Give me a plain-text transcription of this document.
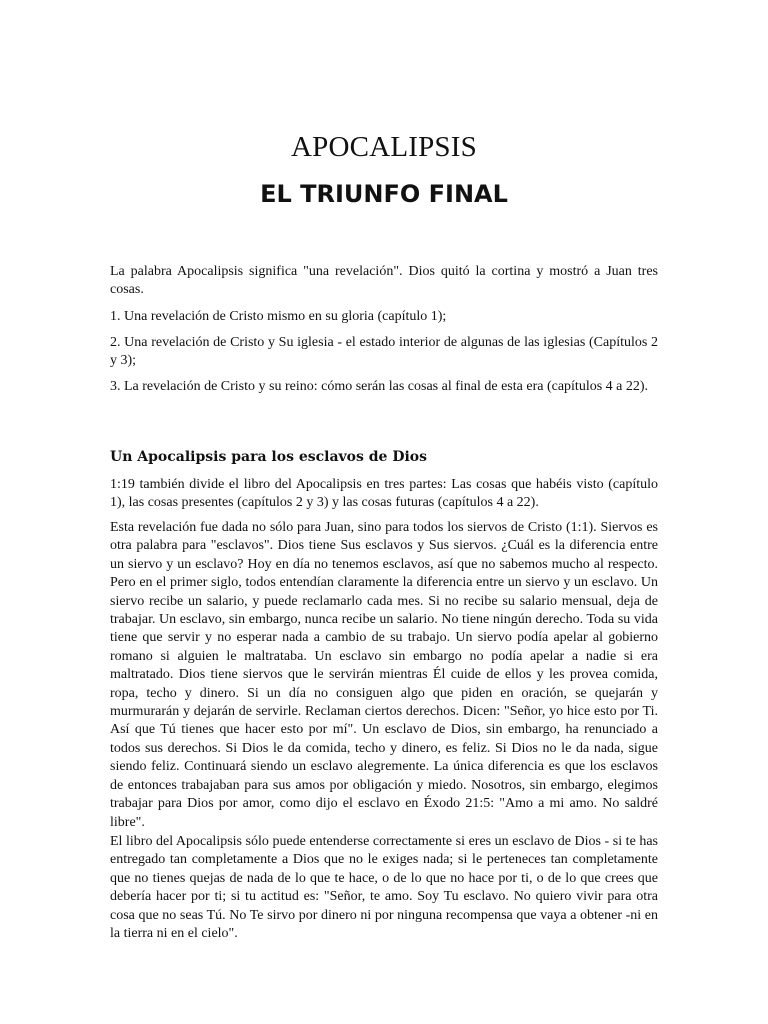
APOCALIPSIS
EL TRIUNFO FINAL

La palabra Apocalipsis significa "una revelación". Dios quitó la cortina y mostró a Juan tres cosas.

1. Una revelación de Cristo mismo en su gloria (capítulo 1);

2. Una revelación de Cristo y Su iglesia - el estado interior de algunas de las iglesias (Capítulos 2 y 3);

3. La revelación de Cristo y su reino: cómo serán las cosas al final de esta era (capítulos 4 a 22).

Un Apocalipsis para los esclavos de Dios

1:19 también divide el libro del Apocalipsis en tres partes: Las cosas que habéis visto (capítulo 1), las cosas presentes (capítulos 2 y 3) y las cosas futuras (capítulos 4 a 22).

Esta revelación fue dada no sólo para Juan, sino para todos los siervos de Cristo (1:1). Siervos es otra palabra para "esclavos". Dios tiene Sus esclavos y Sus siervos. ¿Cuál es la diferencia entre un siervo y un esclavo? Hoy en día no tenemos esclavos, así que no sabemos mucho al respecto. Pero en el primer siglo, todos entendían claramente la diferencia entre un siervo y un esclavo. Un siervo recibe un salario, y puede reclamarlo cada mes. Si no recibe su salario mensual, deja de trabajar. Un esclavo, sin embargo, nunca recibe un salario. No tiene ningún derecho. Toda su vida tiene que servir y no esperar nada a cambio de su trabajo. Un siervo podía apelar al gobierno romano si alguien le maltrataba. Un esclavo sin embargo no podía apelar a nadie si era maltratado. Dios tiene siervos que le servirán mientras Él cuide de ellos y les provea comida, ropa, techo y dinero. Si un día no consiguen algo que piden en oración, se quejarán y murmurarán y dejarán de servirle. Reclaman ciertos derechos. Dicen: "Señor, yo hice esto por Ti. Así que Tú tienes que hacer esto por mí". Un esclavo de Dios, sin embargo, ha renunciado a todos sus derechos. Si Dios le da comida, techo y dinero, es feliz. Si Dios no le da nada, sigue siendo feliz. Continuará siendo un esclavo alegremente. La única diferencia es que los esclavos de entonces trabajaban para sus amos por obligación y miedo. Nosotros, sin embargo, elegimos trabajar para Dios por amor, como dijo el esclavo en Éxodo 21:5: "Amo a mi amo. No saldré libre".

El libro del Apocalipsis sólo puede entenderse correctamente si eres un esclavo de Dios - si te has entregado tan completamente a Dios que no le exiges nada; si le perteneces tan completamente que no tienes quejas de nada de lo que te hace, o de lo que no hace por ti, o de lo que crees que debería hacer por ti; si tu actitud es: "Señor, te amo. Soy Tu esclavo. No quiero vivir para otra cosa que no seas Tú. No Te sirvo por dinero ni por ninguna recompensa que vaya a obtener -ni en la tierra ni en el cielo".
